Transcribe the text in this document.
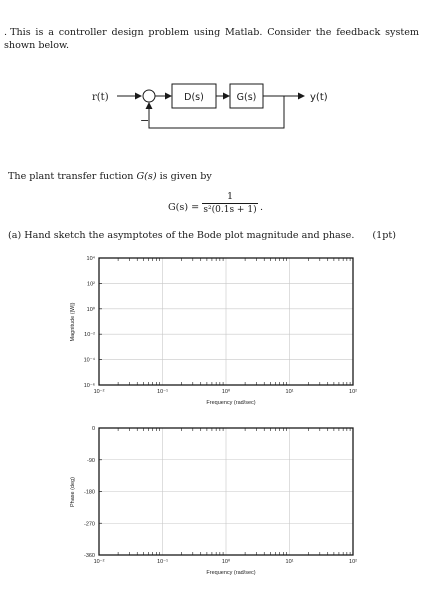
. This is a controller design problem using Matlab. Consider the feedback system shown below.
r(t)	D(s)	G(s)	y(t)
−
The plant transfer fuction G(s) is given by
G(s) =
1
s²(0.1s + 1) .
(a) Hand sketch the asymptotes of the Bode plot magnitude and phase. (1pt)
10⁴
10²
10⁰
10⁻²
10⁻⁴
10⁻⁶
10⁻²	10⁻¹	10⁰	10¹	10²
Magnitude (|W|)
Frequency (rad/sec)
0
-90
-180
-270
-360
10⁻²	10⁻¹	10⁰	10¹	10²
Phase (deg)
Frequency (rad/sec)
